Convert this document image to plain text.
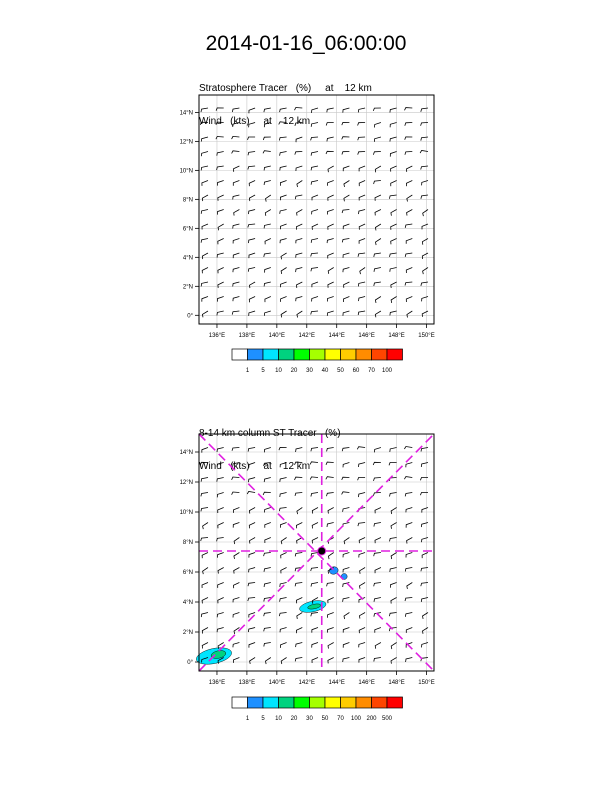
2014-01-16_06:00:00

Stratosphere Tracer   (%)     at    12 km

Wind   (kts)     at    12 km

8-14 km column ST Tracer   (%)

Wind   (kts)     at    12 km

136°E 138°E 140°E 142°E 144°E 146°E 148°E 150°E
0°
2°N
4°N
6°N
8°N
10°N
12°N
14°N
1 5 10 20 30 40 50 60 70 100
136°E 138°E 140°E 142°E 144°E 146°E 148°E 150°E
0°
2°N
4°N
6°N
8°N
10°N
12°N
14°N
1 5 10 20 30 50 70 100 200 500
